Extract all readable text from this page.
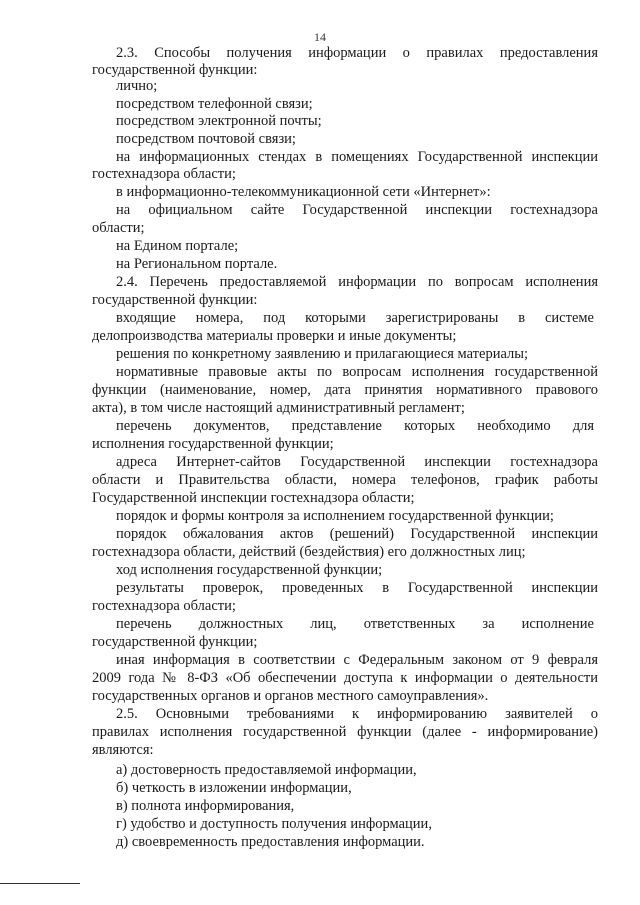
14
2.3. Способы получения информации о правилах предоставления
государственной функции:
лично;
посредством телефонной связи;
посредством электронной почты;
посредством почтовой связи;
на информационных стендах в помещениях Государственной инспекции
гостехнадзора области;
в информационно-телекоммуникационной сети «Интернет»:
на официальном сайте Государственной инспекции гостехнадзора
области;
на Едином портале;
на Региональном портале.
2.4. Перечень предоставляемой информации по вопросам исполнения
государственной функции:
входящие номера, под которыми зарегистрированы в системе
делопроизводства материалы проверки и иные документы;
решения по конкретному заявлению и прилагающиеся материалы;
нормативные правовые акты по вопросам исполнения государственной
функции (наименование, номер, дата принятия нормативного правового
акта), в том числе настоящий административный регламент;
перечень документов, представление которых необходимо для
исполнения государственной функции;
адреса Интернет-сайтов Государственной инспекции гостехнадзора
области и Правительства области, номера телефонов, график работы
Государственной инспекции гостехнадзора области;
порядок и формы контроля за исполнением государственной функции;
порядок обжалования актов (решений) Государственной инспекции
гостехнадзора области, действий (бездействия) его должностных лиц;
ход исполнения государственной функции;
результаты проверок, проведенных в Государственной инспекции
гостехнадзора области;
перечень должностных лиц, ответственных за исполнение
государственной функции;
иная информация в соответствии с Федеральным законом от 9 февраля
2009 года № 8-ФЗ «Об обеспечении доступа к информации о деятельности
государственных органов и органов местного самоуправления».
2.5. Основными требованиями к информированию заявителей о
правилах исполнения государственной функции (далее - информирование)
являются:
а) достоверность предоставляемой информации,
б) четкость в изложении информации,
в) полнота информирования,
г) удобство и доступность получения информации,
д) своевременность предоставления информации.
